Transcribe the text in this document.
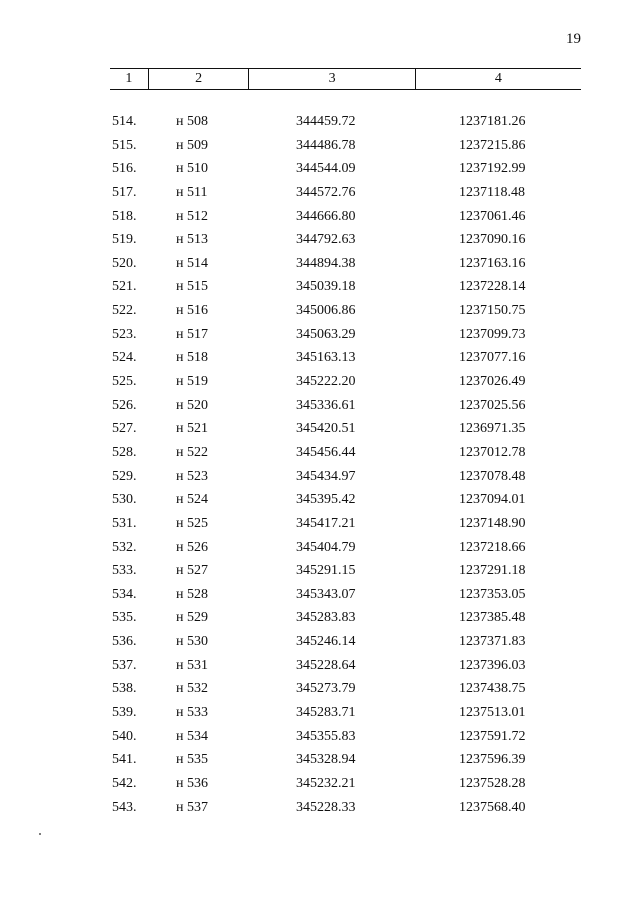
19
1	2	3	4
514.	н 508	344459.72	1237181.26
515.	н 509	344486.78	1237215.86
516.	н 510	344544.09	1237192.99
517.	н 511	344572.76	1237118.48
518.	н 512	344666.80	1237061.46
519.	н 513	344792.63	1237090.16
520.	н 514	344894.38	1237163.16
521.	н 515	345039.18	1237228.14
522.	н 516	345006.86	1237150.75
523.	н 517	345063.29	1237099.73
524.	н 518	345163.13	1237077.16
525.	н 519	345222.20	1237026.49
526.	н 520	345336.61	1237025.56
527.	н 521	345420.51	1236971.35
528.	н 522	345456.44	1237012.78
529.	н 523	345434.97	1237078.48
530.	н 524	345395.42	1237094.01
531.	н 525	345417.21	1237148.90
532.	н 526	345404.79	1237218.66
533.	н 527	345291.15	1237291.18
534.	н 528	345343.07	1237353.05
535.	н 529	345283.83	1237385.48
536.	н 530	345246.14	1237371.83
537.	н 531	345228.64	1237396.03
538.	н 532	345273.79	1237438.75
539.	н 533	345283.71	1237513.01
540.	н 534	345355.83	1237591.72
541.	н 535	345328.94	1237596.39
542.	н 536	345232.21	1237528.28
543.	н 537	345228.33	1237568.40
